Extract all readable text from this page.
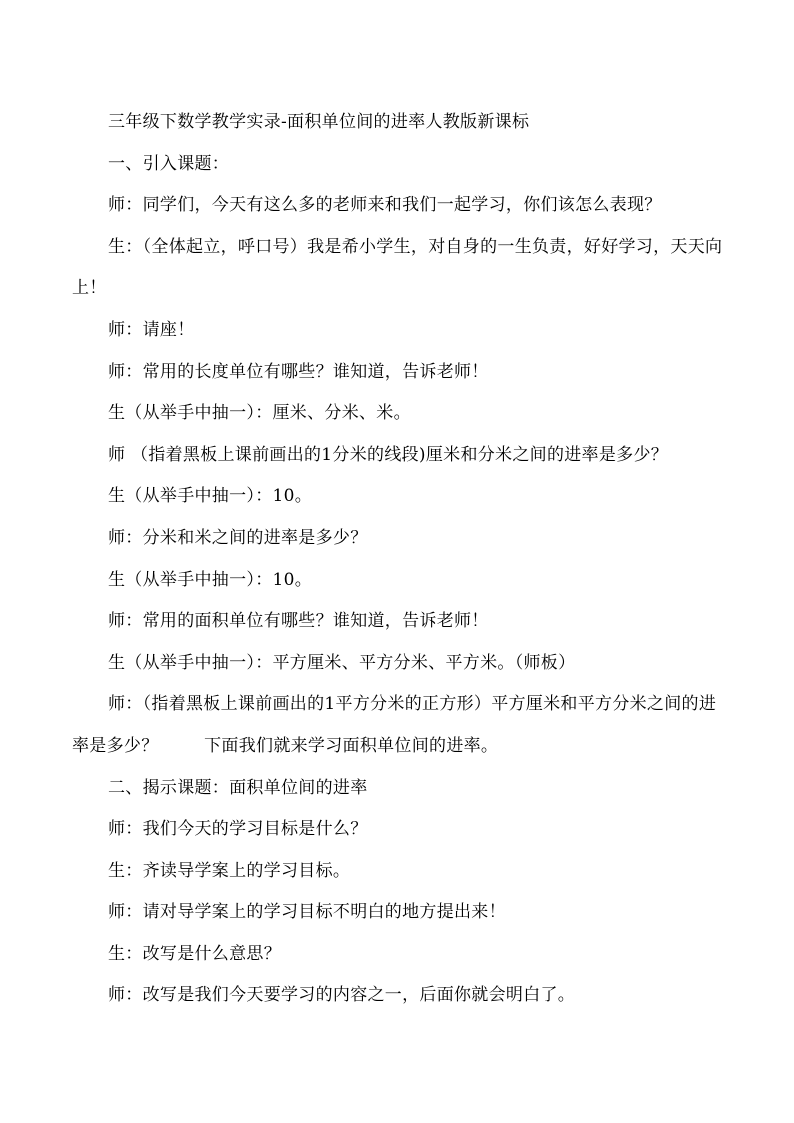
三年级下数学教学实录-面积单位间的进率人教版新课标

一、引入课题：

师：同学们，今天有这么多的老师来和我们一起学习，你们该怎么表现？

生：（全体起立，呼口号）我是希小学生，对自身的一生负责，好好学习，天天向上！

师：请座！

师：常用的长度单位有哪些？谁知道，告诉老师！

生（从举手中抽一）：厘米、分米、米。

师 （指着黑板上课前画出的1分米的线段)厘米和分米之间的进率是多少？

生（从举手中抽一）：10。

师：分米和米之间的进率是多少？

生（从举手中抽一）：10。

师：常用的面积单位有哪些？谁知道，告诉老师！

生（从举手中抽一）：平方厘米、平方分米、平方米。（师板）

师：（指着黑板上课前画出的1平方分米的正方形）平方厘米和平方分米之间的进率是多少？        下面我们就来学习面积单位间的进率。

二、揭示课题：面积单位间的进率

师：我们今天的学习目标是什么？

生：齐读导学案上的学习目标。

师：请对导学案上的学习目标不明白的地方提出来！

生：改写是什么意思？

师：改写是我们今天要学习的内容之一，后面你就会明白了。
